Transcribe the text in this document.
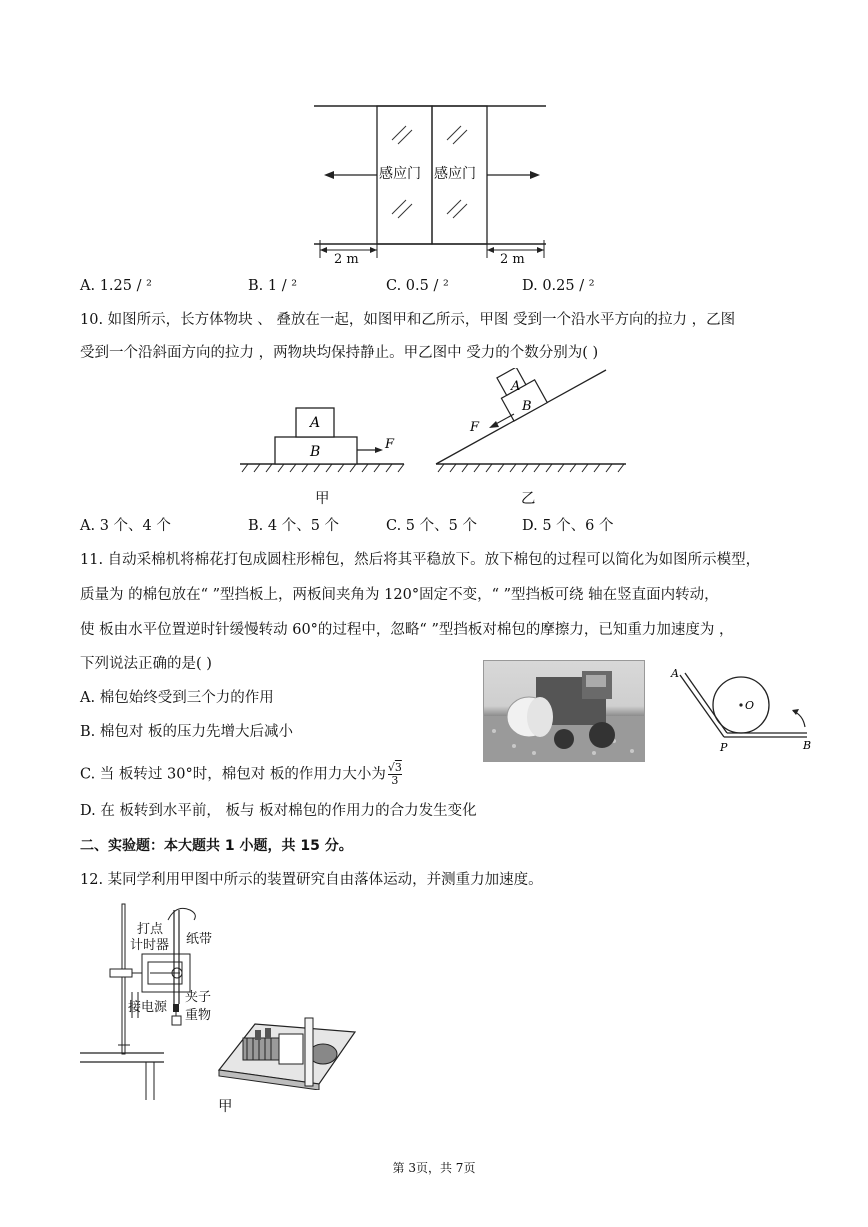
感应门 感应门
2 m	2 m
A. 1.25 / ²	B. 1 / ²	C. 0.5 / ²	D. 0.25 / ²
10. 如图所示，长方体物块 、 叠放在一起，如图甲和乙所示，甲图 受到一个沿水平方向的拉力 ，乙图
受到一个沿斜面方向的拉力 ，两物块均保持静止。甲乙图中 受力的个数分别为( )
A
B	F
B
A
F
甲	乙
A. 3 个、4 个	B. 4 个、5 个	C. 5 个、5 个	D. 5 个、6 个
11. 自动采棉机将棉花打包成圆柱形棉包，然后将其平稳放下。放下棉包的过程可以简化为如图所示模型，
质量为 的棉包放在“ ”型挡板上，两板间夹角为 120°固定不变，“ ”型挡板可绕 轴在竖直面内转动，
使 板由水平位置逆时针缓慢转动 60°的过程中，忽略“ ”型挡板对棉包的摩擦力，已知重力加速度为 ，
下列说法正确的是( )
A
O
P	B
A. 棉包始终受到三个力的作用
B. 棉包对 板的压力先增大后减小
C. 当 板转过 30°时，棉包对 板的作用力大小为 $\frac{√3}{3}$
D. 在 板转到水平前， 板与 板对棉包的作用力的合力发生变化
二、实验题：本大题共 1 小题，共 15 分。
12. 某同学利用甲图中所示的装置研究自由落体运动，并测重力加速度。
打点
计时器 纸带
接电源
夹子
重物
甲
第 3页，共 7页
